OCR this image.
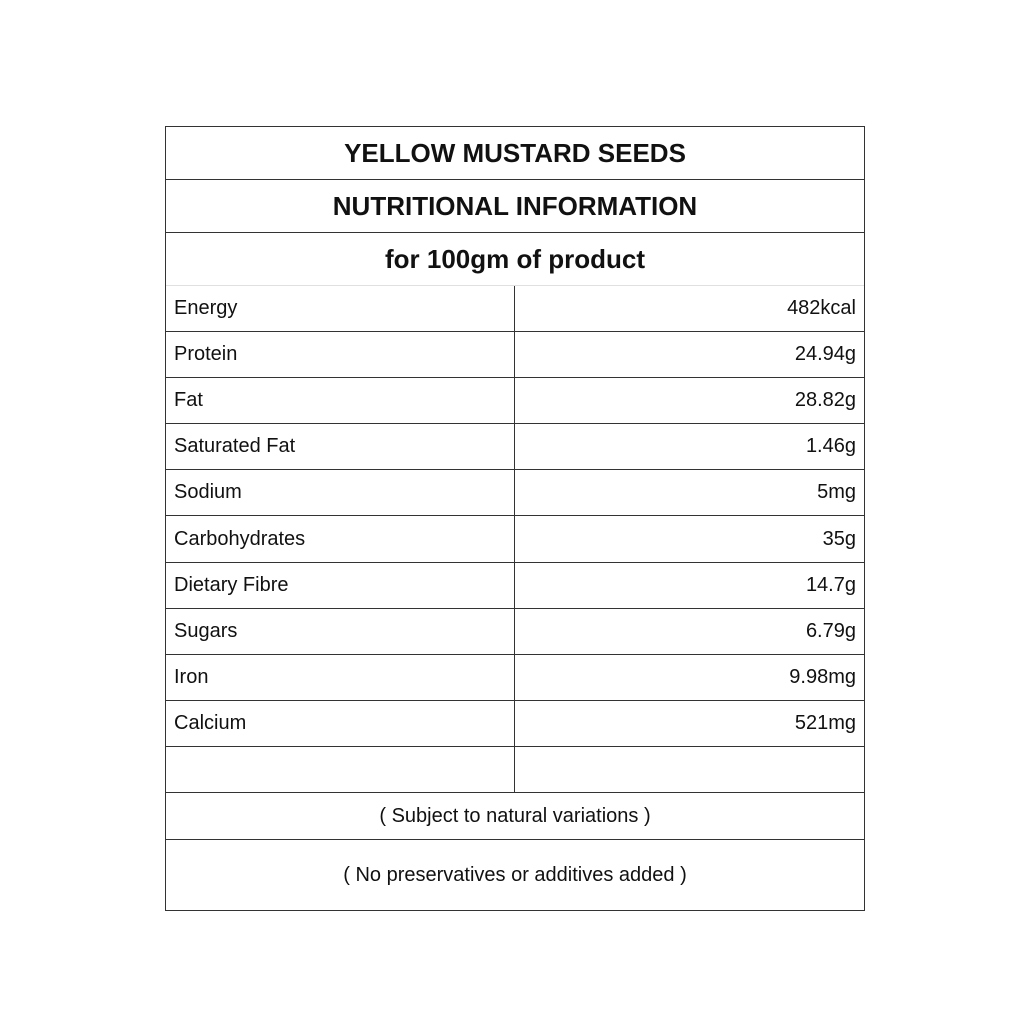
YELLOW MUSTARD SEEDS
NUTRITIONAL INFORMATION
for 100gm of product
Energy	482kcal
Protein	24.94g
Fat	28.82g
Saturated Fat	1.46g
Sodium	5mg
Carbohydrates	35g
Dietary Fibre	14.7g
Sugars	6.79g
Iron	9.98mg
Calcium	521mg
( Subject to natural variations )
( No preservatives or additives added )
